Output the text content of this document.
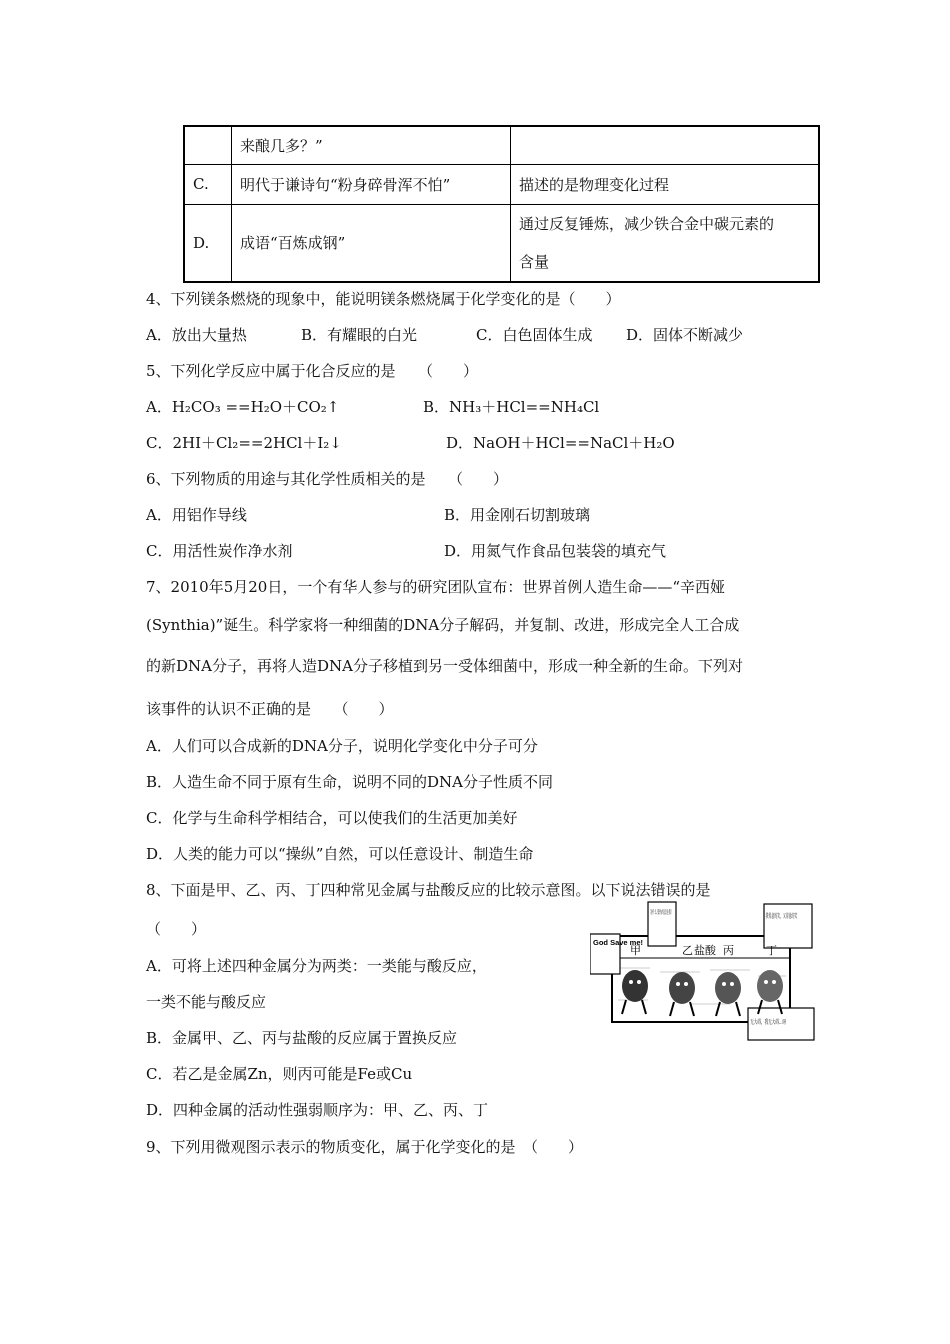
	来酿几多？”	
C.	明代于谦诗句“粉身碎骨浑不怕”	描述的是物理变化过程
D.	成语“百炼成钢”	通过反复锤炼，减少铁合金中碳元素的
含量
4、下列镁条燃烧的现象中，能说明镁条燃烧属于化学变化的是（　　）
A．放出大量热	B．有耀眼的白光	C．白色固体生成 D．固体不断减少
5、下列化学反应中属于化合反应的是　　（　　）
A．H₂CO₃ ==H₂O＋CO₂↑	B．NH₃＋HCl==NH₄Cl
C．2HI＋Cl₂==2HCl＋I₂↓	D．NaOH＋HCl==NaCl＋H₂O
6、下列物质的用途与其化学性质相关的是　　（　　）
A．用铝作导线	B．用金刚石切割玻璃
C．用活性炭作净水剂	D．用氮气作食品包装袋的填充气
7、2010年5月20日，一个有华人参与的研究团队宣布：世界首例人造生命——“辛西娅
(Synthia)”诞生。科学家将一种细菌的DNA分子解码，并复制、改进，形成完全人工合成
的新DNA分子，再将人造DNA分子移植到另一受体细菌中，形成一种全新的生命。下列对
该事件的认识不正确的是　　（　　）
A．人们可以合成新的DNA分子，说明化学变化中分子可分
B．人造生命不同于原有生命，说明不同的DNA分子性质不同
C．化学与生命科学相结合，可以使我们的生活更加美好
D．人类的能力可以“操纵”自然，可以任意设计、制造生命
8、下面是甲、乙、丙、丁四种常见金属与盐酸反应的比较示意图。以下说法错误的是
（　　）
A．可将上述四种金属分为两类：一类能与酸反应，
一类不能与酸反应
B．金属甲、乙、丙与盐酸的反应属于置换反应
C．若乙是金属Zn，则丙可能是Fe或Cu
D．四种金属的活动性强弱顺序为：甲、乙、丙、丁
9、下列用微观图示表示的物质变化，属于化学变化的是　（　　）
God Save me!
为什么受伤的总是我！
我得意的笑，又得意的笑
无大碍，我无大碍…呀
甲	乙 盐酸 丙	丁
